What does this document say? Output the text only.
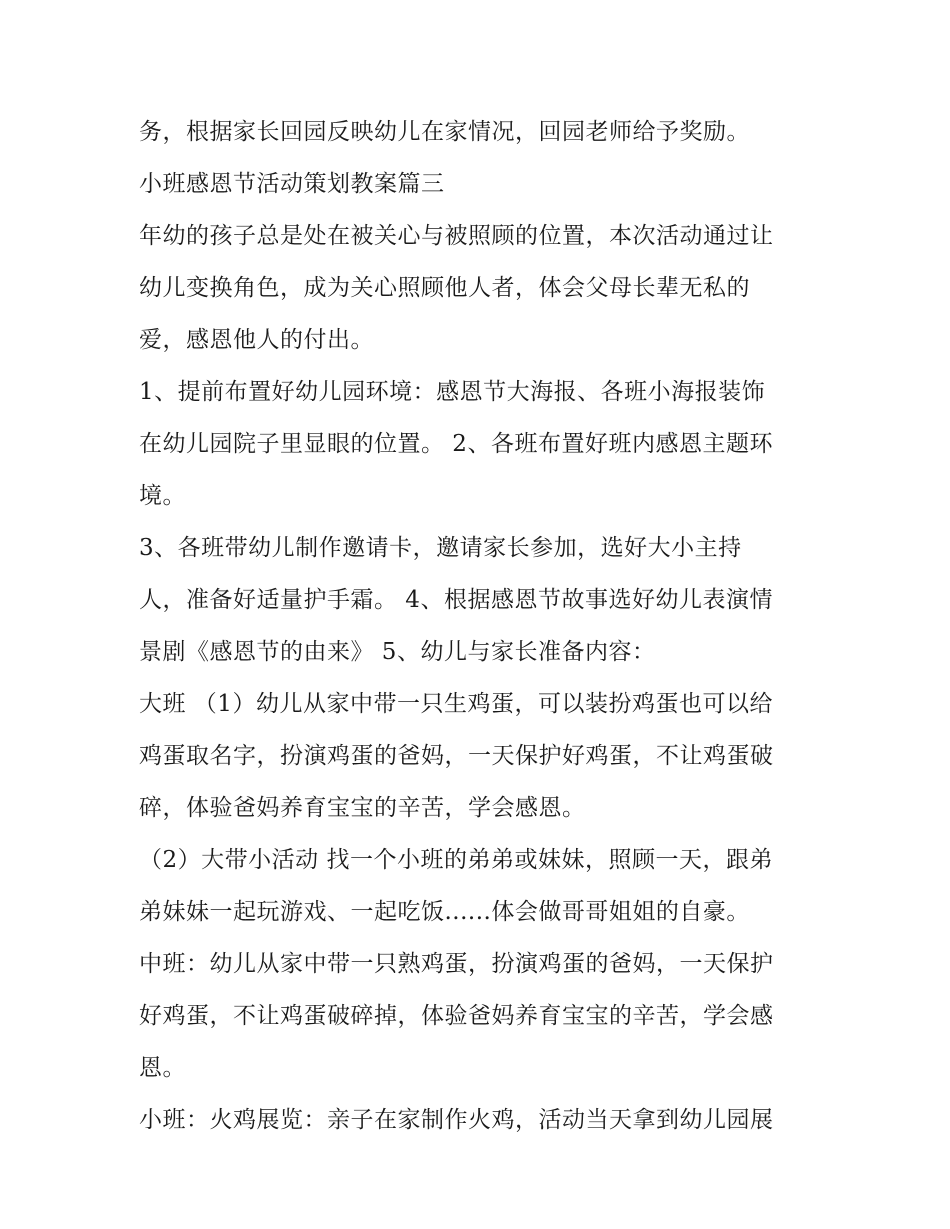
务，根据家长回园反映幼儿在家情况，回园老师给予奖励。
小班感恩节活动策划教案篇三
年幼的孩子总是处在被关心与被照顾的位置，本次活动通过让
幼儿变换角色，成为关心照顾他人者，体会父母长辈无私的
爱，感恩他人的付出。
1、提前布置好幼儿园环境：感恩节大海报、各班小海报装饰
在幼儿园院子里显眼的位置。 2、各班布置好班内感恩主题环
境。
3、各班带幼儿制作邀请卡，邀请家长参加，选好大小主持
人，准备好适量护手霜。 4、根据感恩节故事选好幼儿表演情
景剧《感恩节的由来》 5、幼儿与家长准备内容：
大班 （1）幼儿从家中带一只生鸡蛋，可以装扮鸡蛋也可以给
鸡蛋取名字，扮演鸡蛋的爸妈，一天保护好鸡蛋，不让鸡蛋破
碎，体验爸妈养育宝宝的辛苦，学会感恩。
（2）大带小活动 找一个小班的弟弟或妹妹，照顾一天，跟弟
弟妹妹一起玩游戏、一起吃饭......体会做哥哥姐姐的自豪。
中班：幼儿从家中带一只熟鸡蛋，扮演鸡蛋的爸妈，一天保护
好鸡蛋，不让鸡蛋破碎掉，体验爸妈养育宝宝的辛苦，学会感
恩。
小班：火鸡展览：亲子在家制作火鸡，活动当天拿到幼儿园展
